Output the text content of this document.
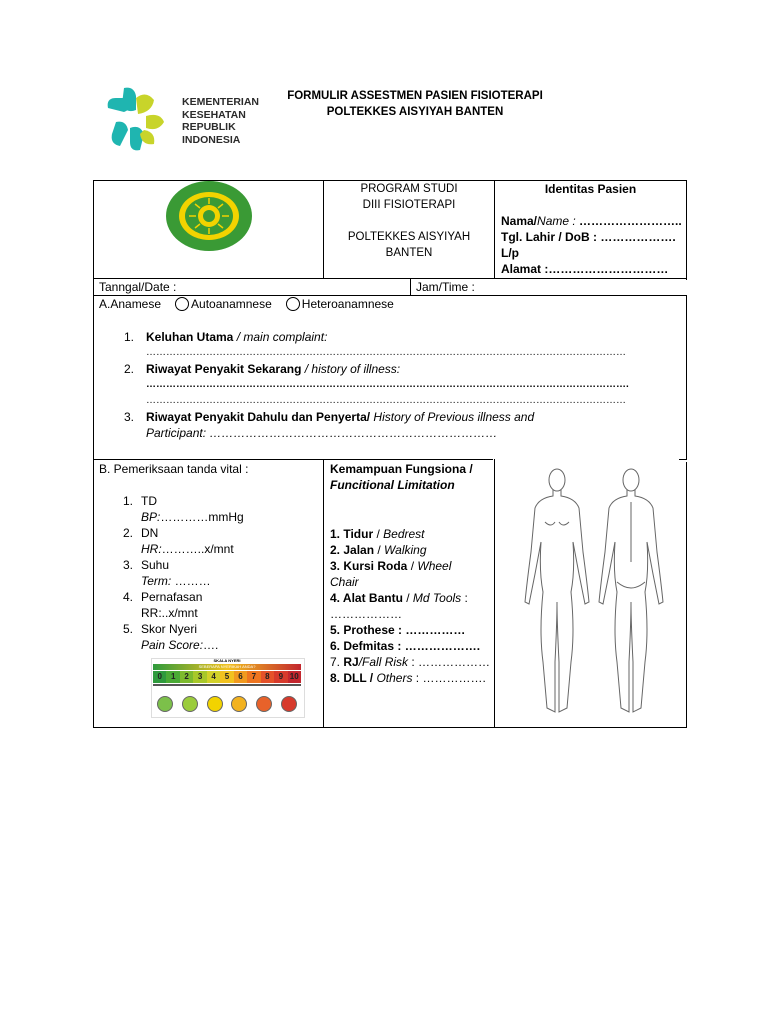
KEMENTERIAN
KESEHATAN
REPUBLIK
INDONESIA
FORMULIR ASSESTMEN PASIEN FISIOTERAPI
POLTEKKES AISYIYAH BANTEN
PROGRAM STUDI
DIII FISIOTERAPI
POLTEKKES AISYIYAH
BANTEN
Identitas Pasien
Nama/Name : ……………………..
Tgl. Lahir / DoB : ……………….
L/p
Alamat :…………………………
Tanngal/Date :	Jam/Time :
A.Anamese	Autoanamnese	Heteroanamnese
1. Keluhan Utama / main complaint:
………………………………………………………………………………………………………………………………
2. Riwayat Penyakit Sekarang / history of illness:
……………………………………………………………………………………………………………………………….
………………………………………………………………………………………………………………………………
3. Riwayat Penyakit Dahulu dan Penyerta/ History of Previous illness and
Participant: ………………………………………………………………
B. Pemeriksaan tanda vital :
1. TD
BP:…………mmHg
2. DN
HR:………..x/mnt
3. Suhu
Term: ………
4. Pernafasan
RR:..x/mnt
5. Skor Nyeri
Pain Score:….
SKALA NYERI
SEBERAPA NYERIKAH ANDA?
0	1	2	3	4	5	6	7	8	9 10
Kemampuan Fungsiona /
Funcitional Limitation
1. Tidur / Bedrest
2. Jalan / Walking
3. Kursi Roda / Wheel
Chair
4. Alat Bantu / Md Tools :
………………
5. Prothese : ……………
6. Defmitas : ……………….
7. RJ/Fall Risk : ………………
8. DLL / Others : …………….
